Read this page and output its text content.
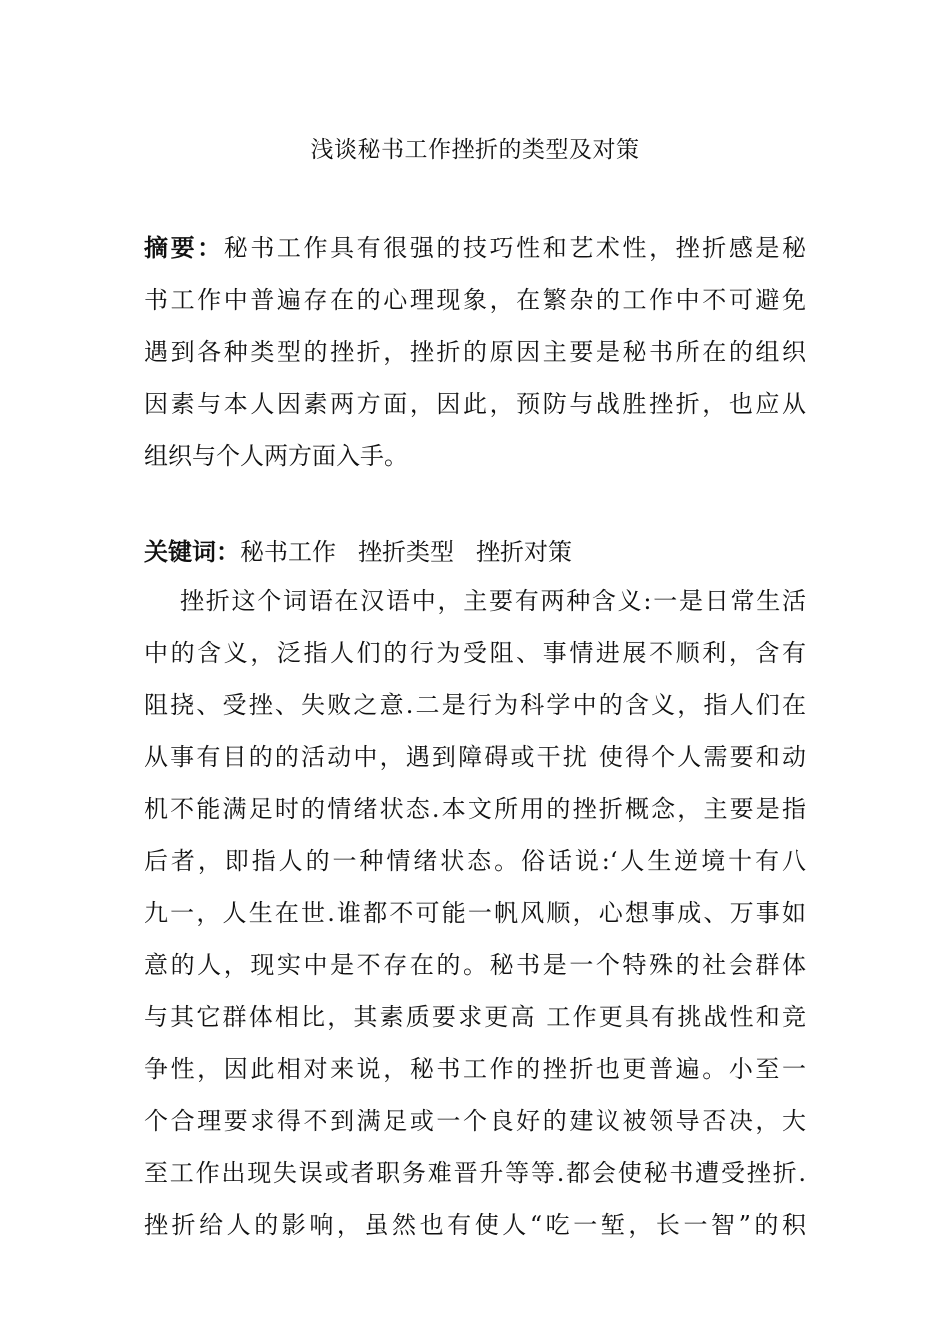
浅谈秘书工作挫折的类型及对策
摘要：秘书工作具有很强的技巧性和艺术性，挫折感是秘
书工作中普遍存在的心理现象，在繁杂的工作中不可避免
遇到各种类型的挫折，挫折的原因主要是秘书所在的组织
因素与本人因素两方面，因此，预防与战胜挫折，也应从
组织与个人两方面入手。
关键词：秘书工作 挫折类型 挫折对策
挫折这个词语在汉语中，主要有两种含义:一是日常生活
中的含义，泛指人们的行为受阻、事情进展不顺利，含有
阻挠、受挫、失败之意.二是行为科学中的含义，指人们在
从事有目的的活动中，遇到障碍或干扰 使得个人需要和动
机不能满足时的情绪状态.本文所用的挫折概念，主要是指
后者，即指人的一种情绪状态。俗话说:‘人生逆境十有八
九一，人生在世.谁都不可能一帆风顺，心想事成、万事如
意的人，现实中是不存在的。秘书是一个特殊的社会群体
与其它群体相比，其素质要求更高 工作更具有挑战性和竞
争性，因此相对来说，秘书工作的挫折也更普遍。小至一
个合理要求得不到满足或一个良好的建议被领导否决，大
至工作出现失误或者职务难晋升等等.都会使秘书遭受挫折.
挫折给人的影响，虽然也有使人“吃一堑，长一智”的积
